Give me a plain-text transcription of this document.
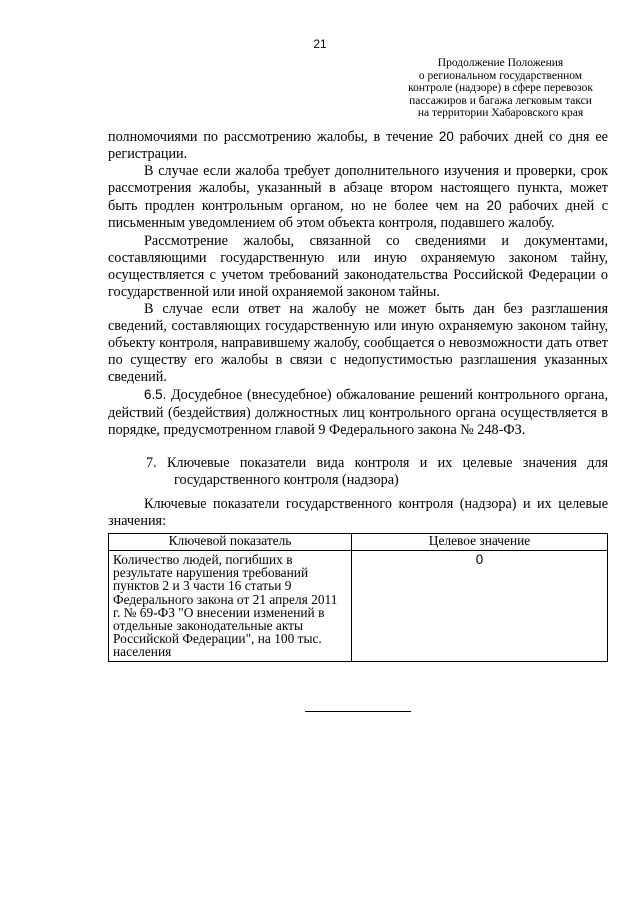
21
Продолжение Положения
о региональном государственном
контроле (надзоре) в сфере перевозок
пассажиров и багажа легковым такси
на территории Хабаровского края

полномочиями по рассмотрению жалобы, в течение 20 рабочих дней со дня ее регистрации.

В случае если жалоба требует дополнительного изучения и проверки, срок рассмотрения жалобы, указанный в абзаце втором настоящего пункта, может быть продлен контрольным органом, но не более чем на 20 рабочих дней с письменным уведомлением об этом объекта контроля, подавшего жалобу.

Рассмотрение жалобы, связанной со сведениями и документами, составляющими государственную или иную охраняемую законом тайну, осуществляется с учетом требований законодательства Российской Федерации о государственной или иной охраняемой законом тайны.

В случае если ответ на жалобу не может быть дан без разглашения сведений, составляющих государственную или иную охраняемую законом тайну, объекту контроля, направившему жалобу, сообщается о невозможности дать ответ по существу его жалобы в связи с недопустимостью разглашения указанных сведений.

6.5. Досудебное (внесудебное) обжалование решений контрольного органа, действий (бездействия) должностных лиц контрольного органа осуществляется в порядке, предусмотренном главой 9 Федерального закона № 248-ФЗ.

7. Ключевые показатели вида контроля и их целевые значения для государственного контроля (надзора)

Ключевые показатели государственного контроля (надзора) и их целевые значения:

Ключевой показатель	Целевое значение
Количество людей, погибших в результате нарушения требований пунктов 2 и 3 части 16 статьи 9 Федерального закона от 21 апреля 2011 г. № 69-ФЗ "О внесении изменений в отдельные законодательные акты Российской Федерации", на 100 тыс. населения	0
